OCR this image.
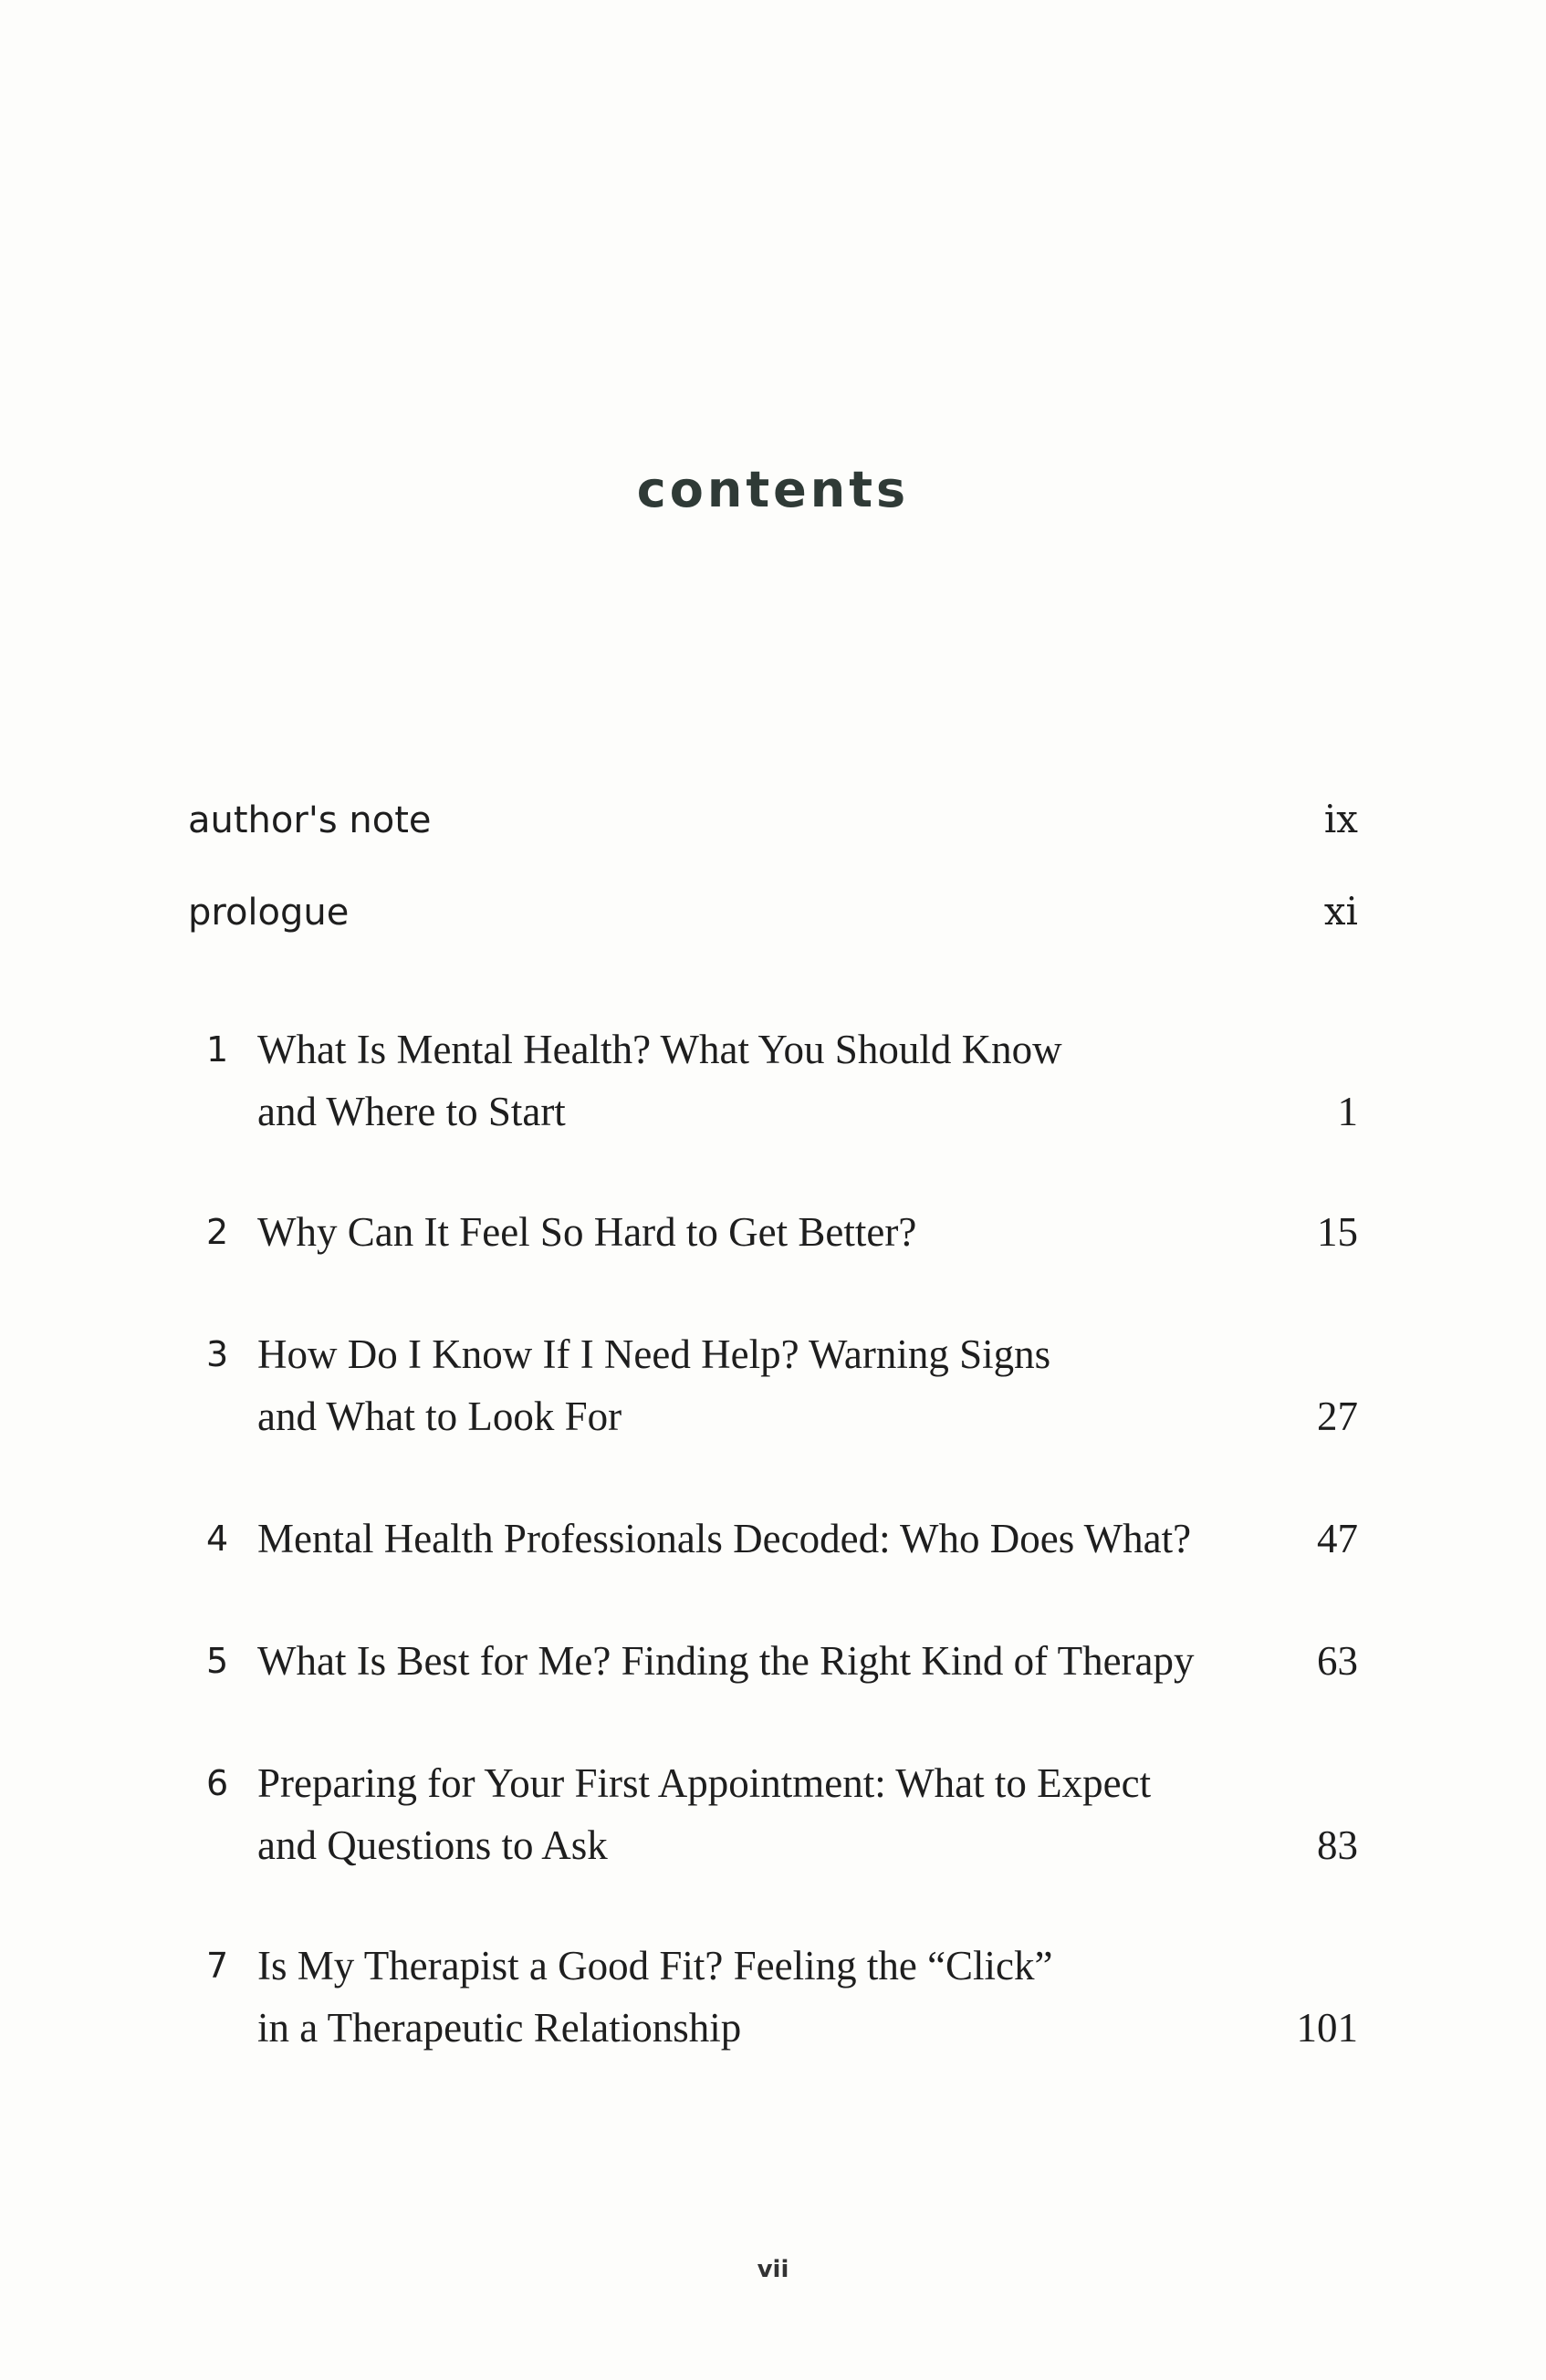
contents
author's note	ix
prologue	xi
1 What Is Mental Health? What You Should Know
and Where to Start	1
2 Why Can It Feel So Hard to Get Better?	15
3 How Do I Know If I Need Help? Warning Signs
and What to Look For	27
4 Mental Health Professionals Decoded: Who Does What?	47
5 What Is Best for Me? Finding the Right Kind of Therapy	63
6 Preparing for Your First Appointment: What to Expect
and Questions to Ask	83
7 Is My Therapist a Good Fit? Feeling the “Click”
in a Therapeutic Relationship	101
vii
